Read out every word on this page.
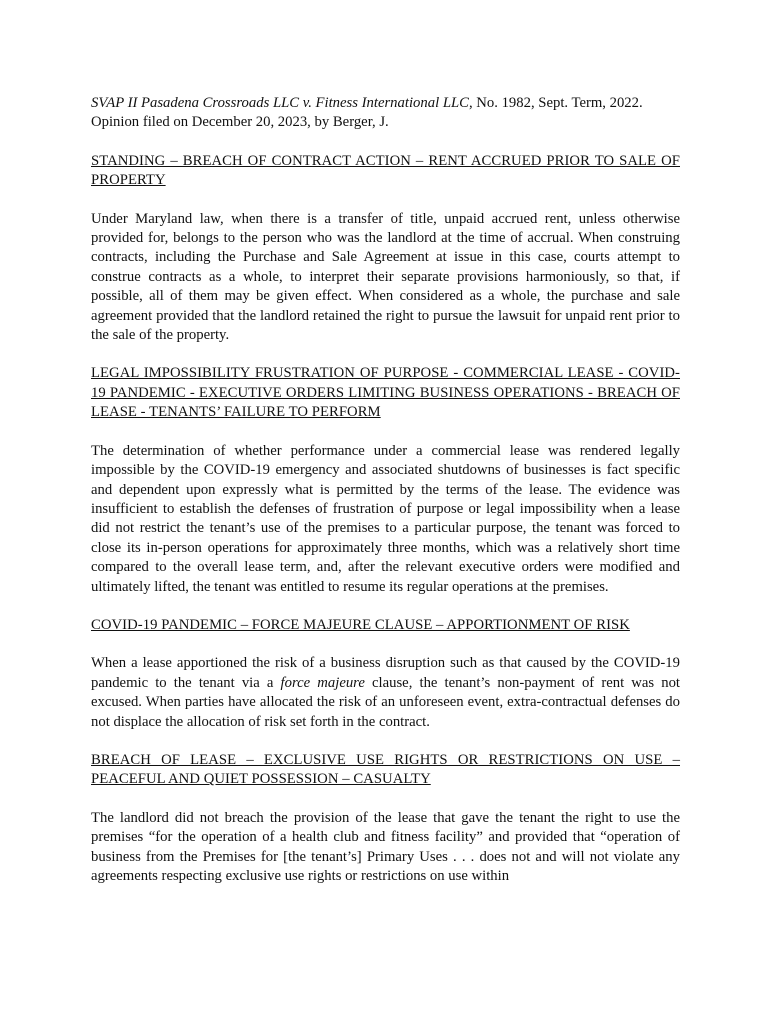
SVAP II Pasadena Crossroads LLC v. Fitness International LLC, No. 1982, Sept. Term, 2022. Opinion filed on December 20, 2023, by Berger, J.

STANDING – BREACH OF CONTRACT ACTION – RENT ACCRUED PRIOR TO SALE OF PROPERTY

Under Maryland law, when there is a transfer of title, unpaid accrued rent, unless otherwise provided for, belongs to the person who was the landlord at the time of accrual. When construing contracts, including the Purchase and Sale Agreement at issue in this case, courts attempt to construe contracts as a whole, to interpret their separate provisions harmoniously, so that, if possible, all of them may be given effect. When considered as a whole, the purchase and sale agreement provided that the landlord retained the right to pursue the lawsuit for unpaid rent prior to the sale of the property.

LEGAL IMPOSSIBILITY FRUSTRATION OF PURPOSE - COMMERCIAL LEASE - COVID-19 PANDEMIC - EXECUTIVE ORDERS LIMITING BUSINESS OPERATIONS - BREACH OF LEASE - TENANTS’ FAILURE TO PERFORM

The determination of whether performance under a commercial lease was rendered legally impossible by the COVID-19 emergency and associated shutdowns of businesses is fact specific and dependent upon expressly what is permitted by the terms of the lease. The evidence was insufficient to establish the defenses of frustration of purpose or legal impossibility when a lease did not restrict the tenant’s use of the premises to a particular purpose, the tenant was forced to close its in-person operations for approximately three months, which was a relatively short time compared to the overall lease term, and, after the relevant executive orders were modified and ultimately lifted, the tenant was entitled to resume its regular operations at the premises.

COVID-19 PANDEMIC – FORCE MAJEURE CLAUSE – APPORTIONMENT OF RISK

When a lease apportioned the risk of a business disruption such as that caused by the COVID-19 pandemic to the tenant via a force majeure clause, the tenant’s non-payment of rent was not excused. When parties have allocated the risk of an unforeseen event, extra-contractual defenses do not displace the allocation of risk set forth in the contract.

BREACH OF LEASE – EXCLUSIVE USE RIGHTS OR RESTRICTIONS ON USE – PEACEFUL AND QUIET POSSESSION – CASUALTY

The landlord did not breach the provision of the lease that gave the tenant the right to use the premises “for the operation of a health club and fitness facility” and provided that “operation of business from the Premises for [the tenant’s] Primary Uses . . . does not and will not violate any agreements respecting exclusive use rights or restrictions on use within
